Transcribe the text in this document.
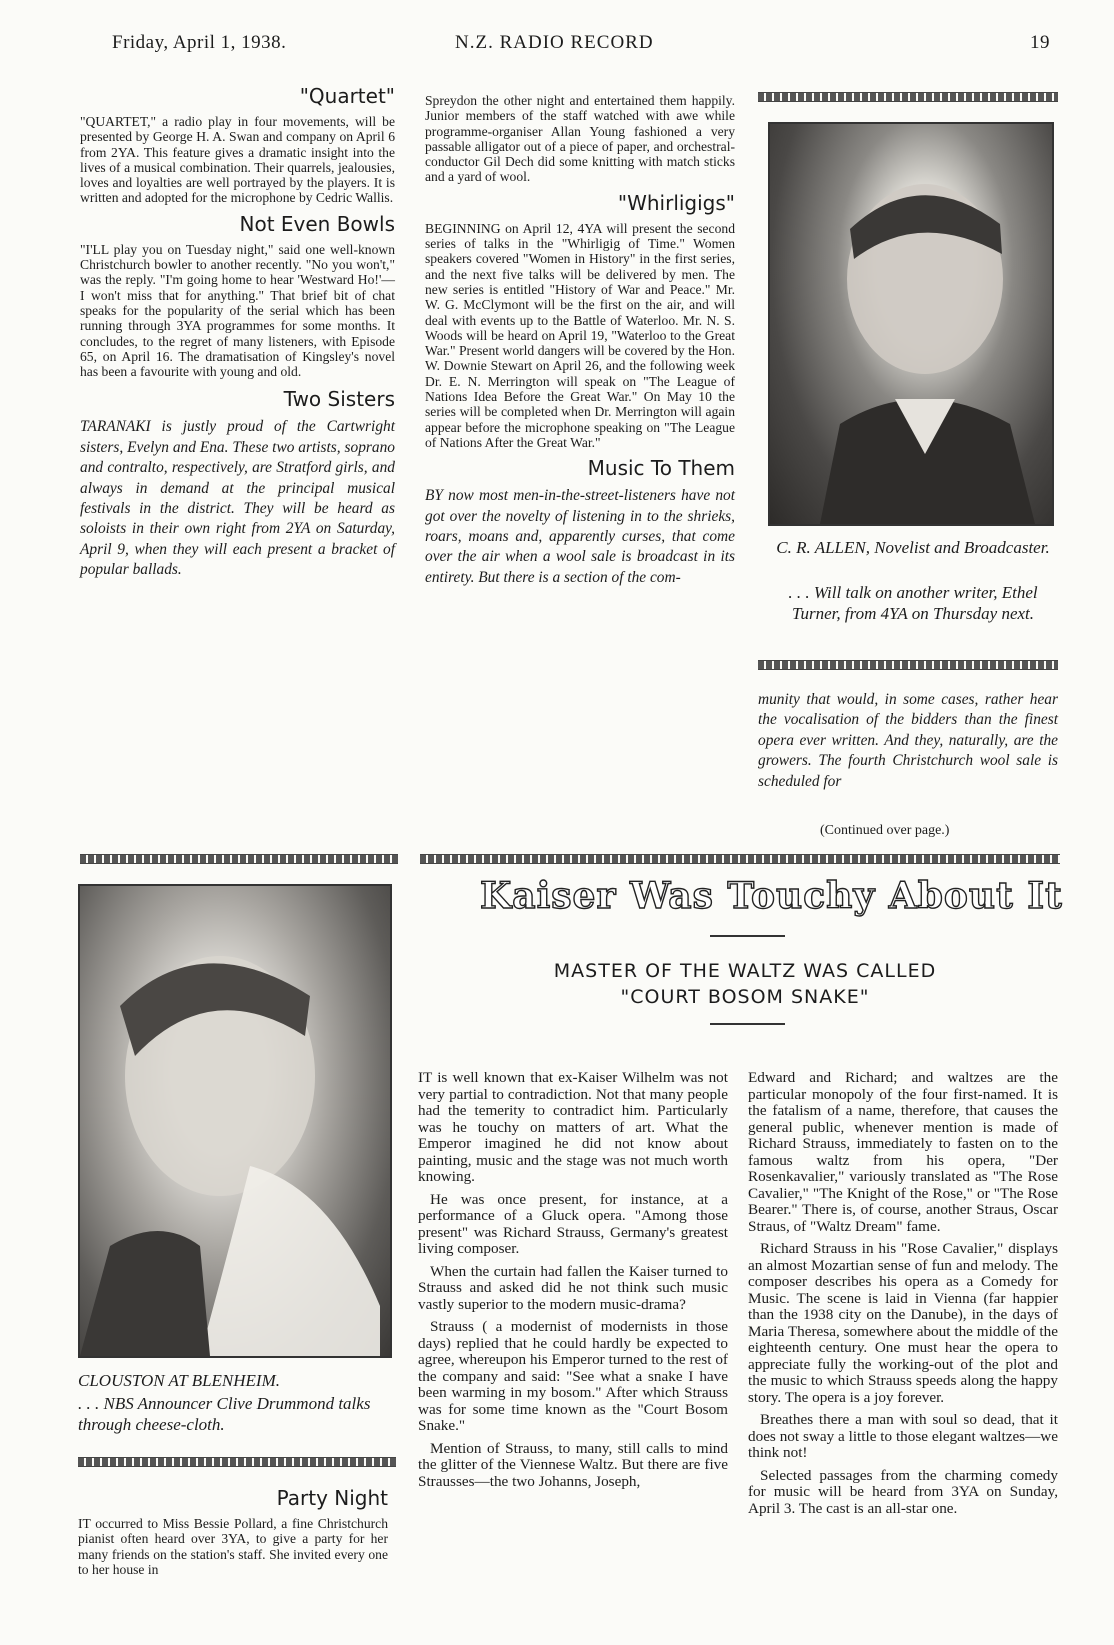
Friday, April 1, 1938.	N.Z. RADIO RECORD	19
"Quartet"

"QUARTET," a radio play in four movements, will be presented by George H. A. Swan and company on April 6 from 2YA. This feature gives a dramatic insight into the lives of a musical combination. Their quarrels, jealousies, loves and loyalties are well portrayed by the players. It is written and adopted for the microphone by Cedric Wallis.

Not Even Bowls

"I'LL play you on Tuesday night," said one well-known Christchurch bowler to another recently. "No you won't," was the reply. "I'm going home to hear 'Westward Ho!'—I won't miss that for anything." That brief bit of chat speaks for the popularity of the serial which has been running through 3YA programmes for some months. It concludes, to the regret of many listeners, with Episode 65, on April 16. The dramatisation of Kingsley's novel has been a favourite with young and old.

Two Sisters
TARANAKI is justly proud of the Cartwright sisters, Evelyn and Ena. These two artists, soprano and contralto, respectively, are Stratford girls, and always in demand at the principal musical festivals in the district. They will be heard as soloists in their own right from 2YA on Saturday, April 9, when they will each present a bracket of popular ballads.

Spreydon the other night and entertained them happily. Junior members of the staff watched with awe while programme-organiser Allan Young fashioned a very passable alligator out of a piece of paper, and orchestral-conductor Gil Dech did some knitting with match sticks and a yard of wool.

"Whirligigs"

BEGINNING on April 12, 4YA will present the second series of talks in the "Whirligig of Time." Women speakers covered "Women in History" in the first series, and the next five talks will be delivered by men. The new series is entitled "History of War and Peace." Mr. W. G. McClymont will be the first on the air, and will deal with events up to the Battle of Waterloo. Mr. N. S. Woods will be heard on April 19, "Waterloo to the Great War." Present world dangers will be covered by the Hon. W. Downie Stewart on April 26, and the following week Dr. E. N. Merrington will speak on "The League of Nations Idea Before the Great War." On May 10 the series will be completed when Dr. Merrington will again appear before the microphone speaking on "The League of Nations After the Great War."

Music To Them
BY now most men-in-the-street-listeners have not got over the novelty of listening in to the shrieks, roars, moans and, apparently curses, that come over the air when a wool sale is broadcast in its entirety. But there is a section of the com-
C. R. ALLEN, Novelist and Broadcaster.
. . . Will talk on another writer, Ethel Turner, from 4YA on Thursday next.
munity that would, in some cases, rather hear the vocalisation of the bidders than the finest opera ever written. And they, naturally, are the growers. The fourth Christchurch wool sale is scheduled for
(Continued over page.)
CLOUSTON AT BLENHEIM.
. . . NBS Announcer Clive Drummond talks through cheese-cloth.
Party Night

IT occurred to Miss Bessie Pollard, a fine Christchurch pianist often heard over 3YA, to give a party for her many friends on the station's staff. She invited every one to her house in

Kaiser Was Touchy About It
MASTER OF THE WALTZ WAS CALLED
"COURT BOSOM SNAKE"

IT is well known that ex-Kaiser Wilhelm was not very partial to contradiction. Not that many people had the temerity to contradict him. Particularly was he touchy on matters of art. What the Emperor imagined he did not know about painting, music and the stage was not much worth knowing.

He was once present, for instance, at a performance of a Gluck opera. "Among those present" was Richard Strauss, Germany's greatest living composer.

When the curtain had fallen the Kaiser turned to Strauss and asked did he not think such music vastly superior to the modern music-drama?

Strauss ( a modernist of modernists in those days) replied that he could hardly be expected to agree, whereupon his Emperor turned to the rest of the company and said: "See what a snake I have been warming in my bosom." After which Strauss was for some time known as the "Court Bosom Snake."

Mention of Strauss, to many, still calls to mind the glitter of the Viennese Waltz. But there are five Strausses—the two Johanns, Joseph,

Edward and Richard; and waltzes are the particular monopoly of the four first-named. It is the fatalism of a name, therefore, that causes the general public, whenever mention is made of Richard Strauss, immediately to fasten on to the famous waltz from his opera, "Der Rosenkavalier," variously translated as "The Rose Cavalier," "The Knight of the Rose," or "The Rose Bearer." There is, of course, another Straus, Oscar Straus, of "Waltz Dream" fame.

Richard Strauss in his "Rose Cavalier," displays an almost Mozartian sense of fun and melody. The composer describes his opera as a Comedy for Music. The scene is laid in Vienna (far happier than the 1938 city on the Danube), in the days of Maria Theresa, somewhere about the middle of the eighteenth century. One must hear the opera to appreciate fully the working-out of the plot and the music to which Strauss speeds along the happy story. The opera is a joy forever.

Breathes there a man with soul so dead, that it does not sway a little to those elegant waltzes—we think not!

Selected passages from the charming comedy for music will be heard from 3YA on Sunday, April 3. The cast is an all-star one.
